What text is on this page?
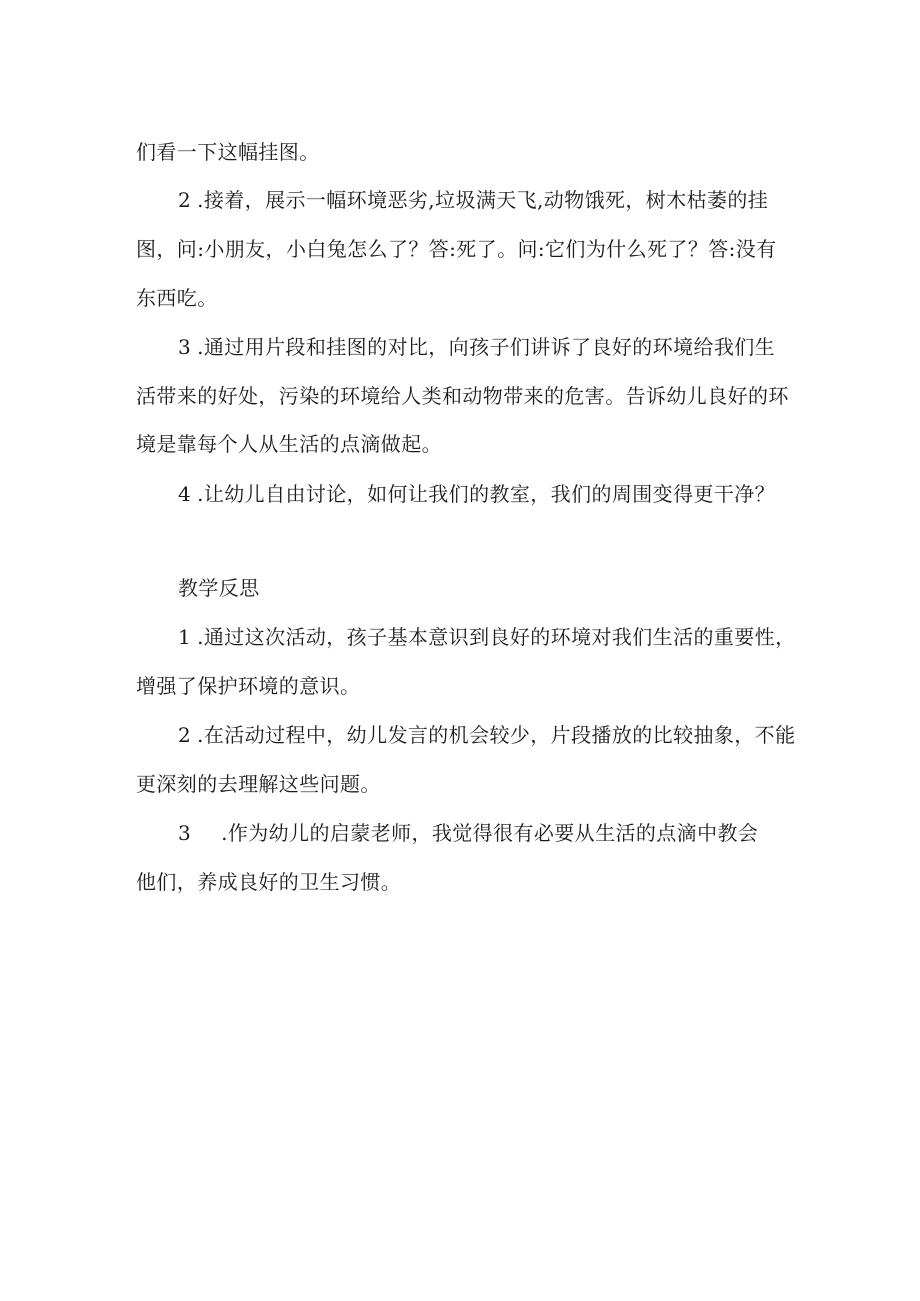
们看一下这幅挂图。
2 .接着，展示一幅环境恶劣,垃圾满天飞,动物饿死，树木枯萎的挂
图，问:小朋友，小白兔怎么了？答:死了。问:它们为什么死了？答:没有
东西吃。
3 .通过用片段和挂图的对比，向孩子们讲诉了良好的环境给我们生
活带来的好处，污染的环境给人类和动物带来的危害。告诉幼儿良好的环
境是靠每个人从生活的点滴做起。
4 .让幼儿自由讨论，如何让我们的教室，我们的周围变得更干净？
教学反思
1 .通过这次活动，孩子基本意识到良好的环境对我们生活的重要性，
增强了保护环境的意识。
2 .在活动过程中，幼儿发言的机会较少，片段播放的比较抽象，不能
更深刻的去理解这些问题。
3 .作为幼儿的启蒙老师，我觉得很有必要从生活的点滴中教会
他们，养成良好的卫生习惯。
